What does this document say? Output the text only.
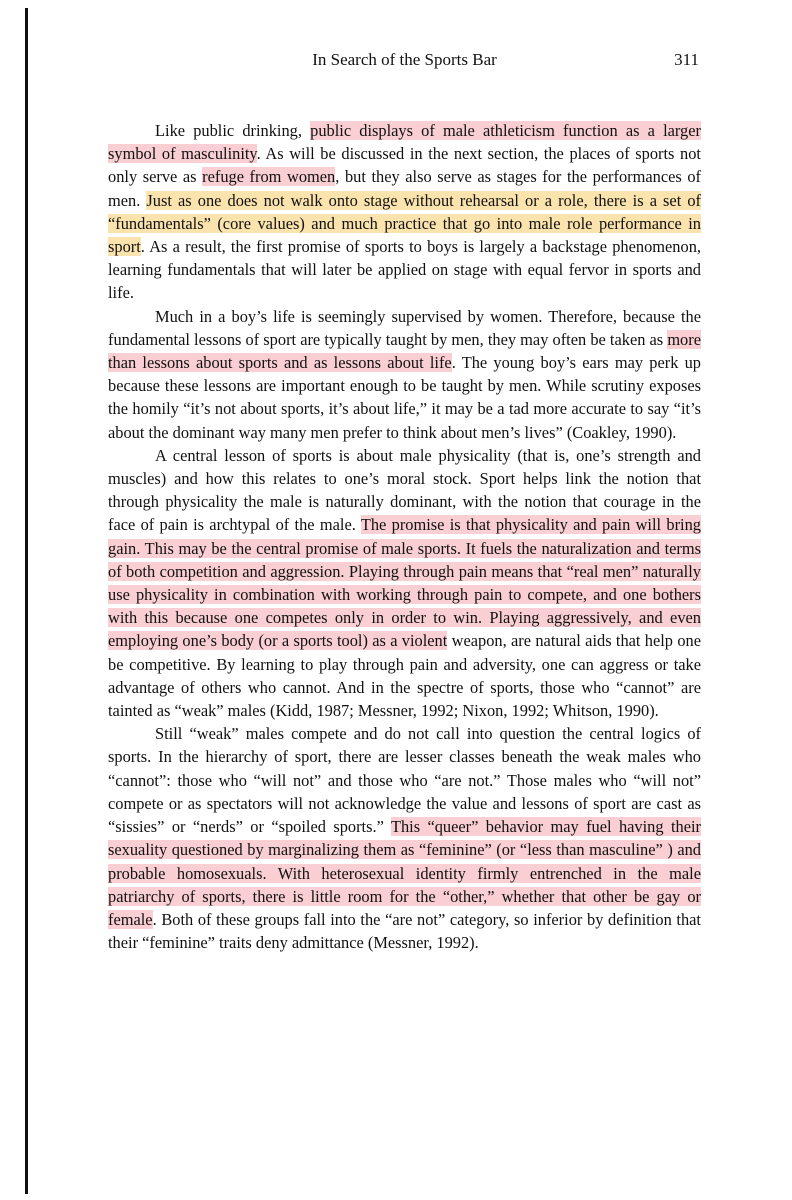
In Search of the Sports Bar	311

Like public drinking, public displays of male athleticism function as a larger symbol of masculinity. As will be discussed in the next section, the places of sports not only serve as refuge from women, but they also serve as stages for the performances of men. Just as one does not walk onto stage without rehearsal or a role, there is a set of “fundamentals” (core values) and much practice that go into male role performance in sport. As a result, the first promise of sports to boys is largely a backstage phenomenon, learning fundamentals that will later be applied on stage with equal fervor in sports and life.

Much in a boy’s life is seemingly supervised by women. Therefore, because the fundamental lessons of sport are typically taught by men, they may often be taken as more than lessons about sports and as lessons about life. The young boy’s ears may perk up because these lessons are important enough to be taught by men. While scrutiny exposes the homily “it’s not about sports, it’s about life,” it may be a tad more accurate to say “it’s about the dominant way many men prefer to think about men’s lives” (Coakley, 1990).

A central lesson of sports is about male physicality (that is, one’s strength and muscles) and how this relates to one’s moral stock. Sport helps link the notion that through physicality the male is naturally dominant, with the notion that courage in the face of pain is archtypal of the male. The promise is that physicality and pain will bring gain. This may be the central promise of male sports. It fuels the naturalization and terms of both competition and aggression. Playing through pain means that “real men” naturally use physicality in combination with working through pain to compete, and one bothers with this because one competes only in order to win. Playing aggressively, and even employing one’s body (or a sports tool) as a violent weapon, are natural aids that help one be competitive. By learning to play through pain and adversity, one can aggress or take advantage of others who cannot. And in the spectre of sports, those who “cannot” are tainted as “weak” males (Kidd, 1987; Messner, 1992; Nixon, 1992; Whitson, 1990).

Still “weak” males compete and do not call into question the central logics of sports. In the hierarchy of sport, there are lesser classes beneath the weak males who “cannot”: those who “will not” and those who “are not.” Those males who “will not” compete or as spectators will not acknowledge the value and lessons of sport are cast as “sissies” or “nerds” or “spoiled sports.” This “queer” behavior may fuel having their sexuality questioned by marginalizing them as “feminine” (or “less than masculine” ) and probable homosexuals. With heterosexual identity firmly entrenched in the male patriarchy of sports, there is little room for the “other,” whether that other be gay or female. Both of these groups fall into the “are not” category, so inferior by definition that their “feminine” traits deny admittance (Messner, 1992).
